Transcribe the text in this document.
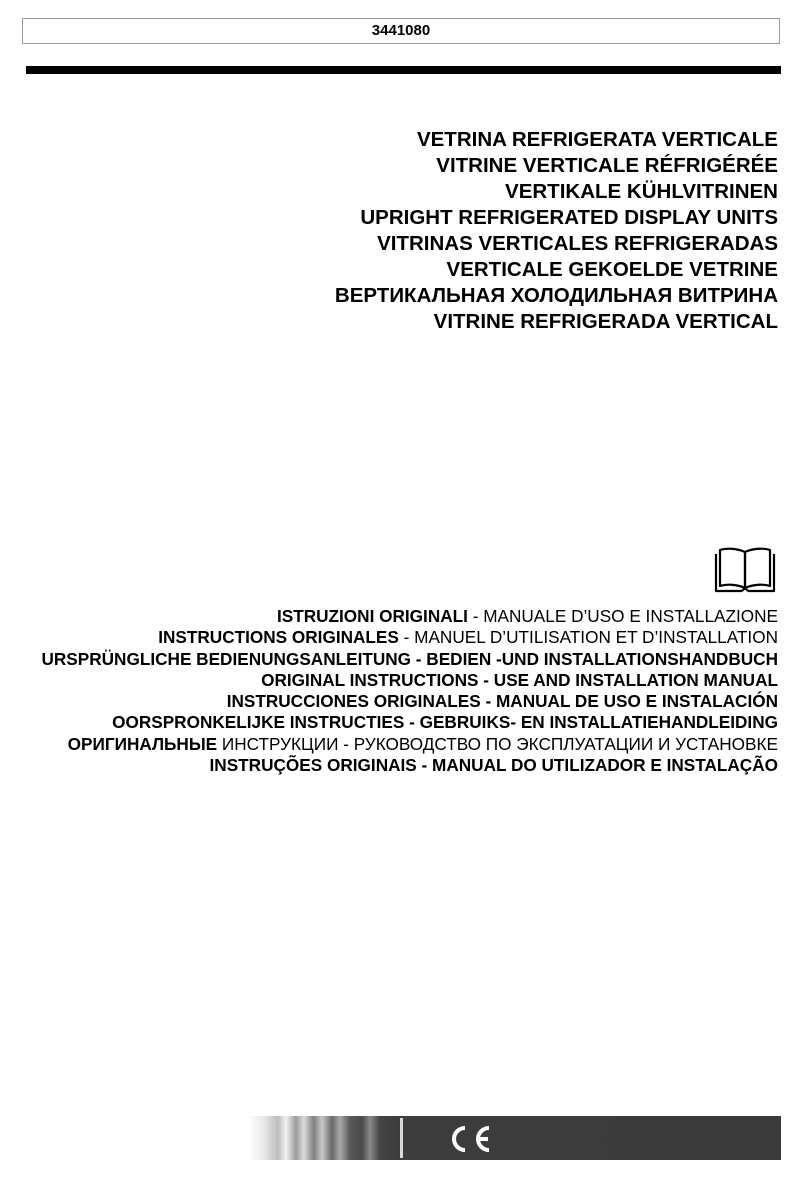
3441080
VETRINA REFRIGERATA VERTICALE
VITRINE VERTICALE RÉFRIGÉRÉE
VERTIKALE KÜHLVITRINEN
UPRIGHT REFRIGERATED DISPLAY UNITS
VITRINAS VERTICALES REFRIGERADAS
VERTICALE GEKOELDE VETRINE
ВЕРТИКАЛЬНАЯ ХОЛОДИЛЬНАЯ ВИТРИНА
VITRINE REFRIGERADA VERTICAL
ISTRUZIONI ORIGINALI - MANUALE D’USO E INSTALLAZIONE
INSTRUCTIONS ORIGINALES - MANUEL D’UTILISATION ET D’INSTALLATION
URSPRÜNGLICHE BEDIENUNGSANLEITUNG - BEDIEN -UND INSTALLATIONSHANDBUCH
ORIGINAL INSTRUCTIONS - USE AND INSTALLATION MANUAL
INSTRUCCIONES ORIGINALES - MANUAL DE USO E INSTALACIÓN
OORSPRONKELIJKE INSTRUCTIES - GEBRUIKS- EN INSTALLATIEHANDLEIDING
ОРИГИНАЛЬНЫЕ ИНСТРУКЦИИ - РУКОВОДСТВО ПО ЭКСПЛУАТАЦИИ И УСТАНОВКЕ
INSTRUÇÕES ORIGINAIS - MANUAL DO UTILIZADOR E INSTALAÇÃO
